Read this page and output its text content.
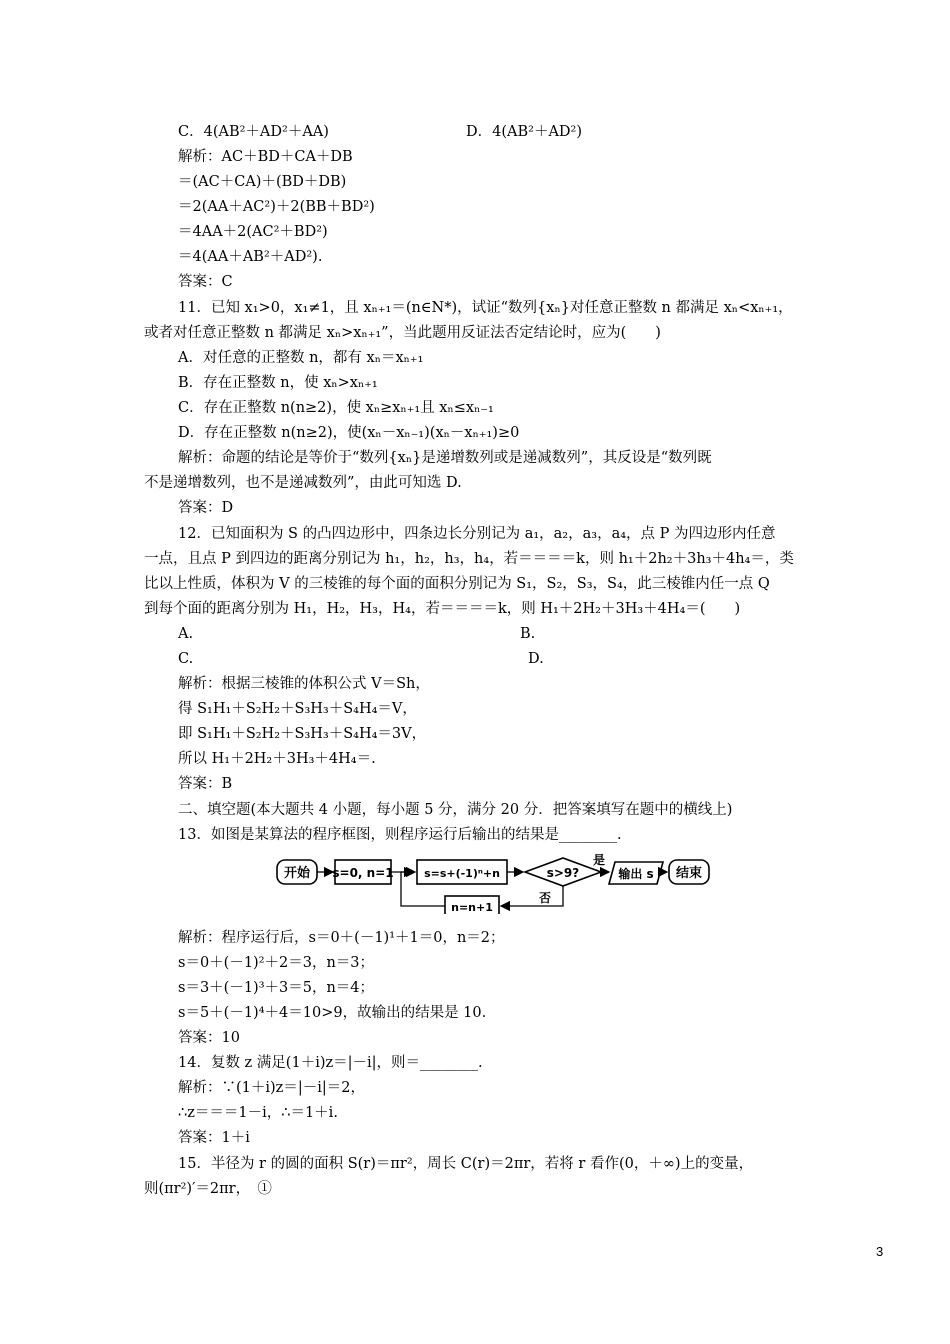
C．4(AB²＋AD²＋AA)
解析：AC＋BD＋CA＋DB
＝(AC＋CA)＋(BD＋DB)
＝2(AA＋AC²)＋2(BB＋BD²)
＝4AA＋2(AC²＋BD²)
＝4(AA＋AB²＋AD²).
答案：C
11．已知 x₁>0，x₁≠1，且 xₙ₊₁＝(n∈N*)，试证“数列{xₙ}对任意正整数 n 都满足 xₙ<xₙ₊₁，
或者对任意正整数 n 都满足 xₙ>xₙ₊₁”，当此题用反证法否定结论时，应为(　　)
A．对任意的正整数 n，都有 xₙ＝xₙ₊₁
B．存在正整数 n，使 xₙ>xₙ₊₁
C．存在正整数 n(n≥2)，使 xₙ≥xₙ₊₁且 xₙ≤xₙ₋₁
D．存在正整数 n(n≥2)，使(xₙ－xₙ₋₁)(xₙ－xₙ₊₁)≥0
解析：命题的结论是等价于“数列{xₙ}是递增数列或是递减数列”，其反设是“数列既
不是递增数列，也不是递减数列”，由此可知选 D.
答案：D
12．已知面积为 S 的凸四边形中，四条边长分别记为 a₁，a₂，a₃，a₄，点 P 为四边形内任意
一点，且点 P 到四边的距离分别记为 h₁，h₂，h₃，h₄，若＝＝＝＝k，则 h₁＋2h₂＋3h₃＋4h₄＝，类
比以上性质，体积为 V 的三棱锥的每个面的面积分别记为 S₁，S₂，S₃，S₄，此三棱锥内任一点 Q
到每个面的距离分别为 H₁，H₂，H₃，H₄，若＝＝＝＝k，则 H₁＋2H₂＋3H₃＋4H₄＝(　　)
A.
C.
解析：根据三棱锥的体积公式 V＝Sh，
得 S₁H₁＋S₂H₂＋S₃H₃＋S₄H₄＝V，
即 S₁H₁＋S₂H₂＋S₃H₃＋S₄H₄＝3V，
所以 H₁＋2H₂＋3H₃＋4H₄＝.
答案：B
二、填空题(本大题共 4 小题，每小题 5 分，满分 20 分．把答案填写在题中的横线上)
13．如图是某算法的程序框图，则程序运行后输出的结果是________.
解析：程序运行后，s＝0＋(－1)¹＋1＝0，n＝2；
s＝0＋(－1)²＋2＝3，n＝3；
s＝3＋(－1)³＋3＝5，n＝4；
s＝5＋(－1)⁴＋4＝10>9，故输出的结果是 10.
答案：10
14．复数 z 满足(1＋i)z＝|－i|，则＝________.
解析：∵(1＋i)z＝|－i|＝2，
∴z＝＝＝1－i，∴＝1＋i.
答案：1＋i
15．半径为 r 的圆的面积 S(r)＝πr²，周长 C(r)＝2πr，若将 r 看作(0，＋∞)上的变量，
则(πr²)′＝2πr，　①
D．4(AB²＋AD²)
B.
D.
开始 s=0, n=1	s=s+(-1)ⁿ+n	s>9?
是
输出 s 结束
否
n=n+1
3
